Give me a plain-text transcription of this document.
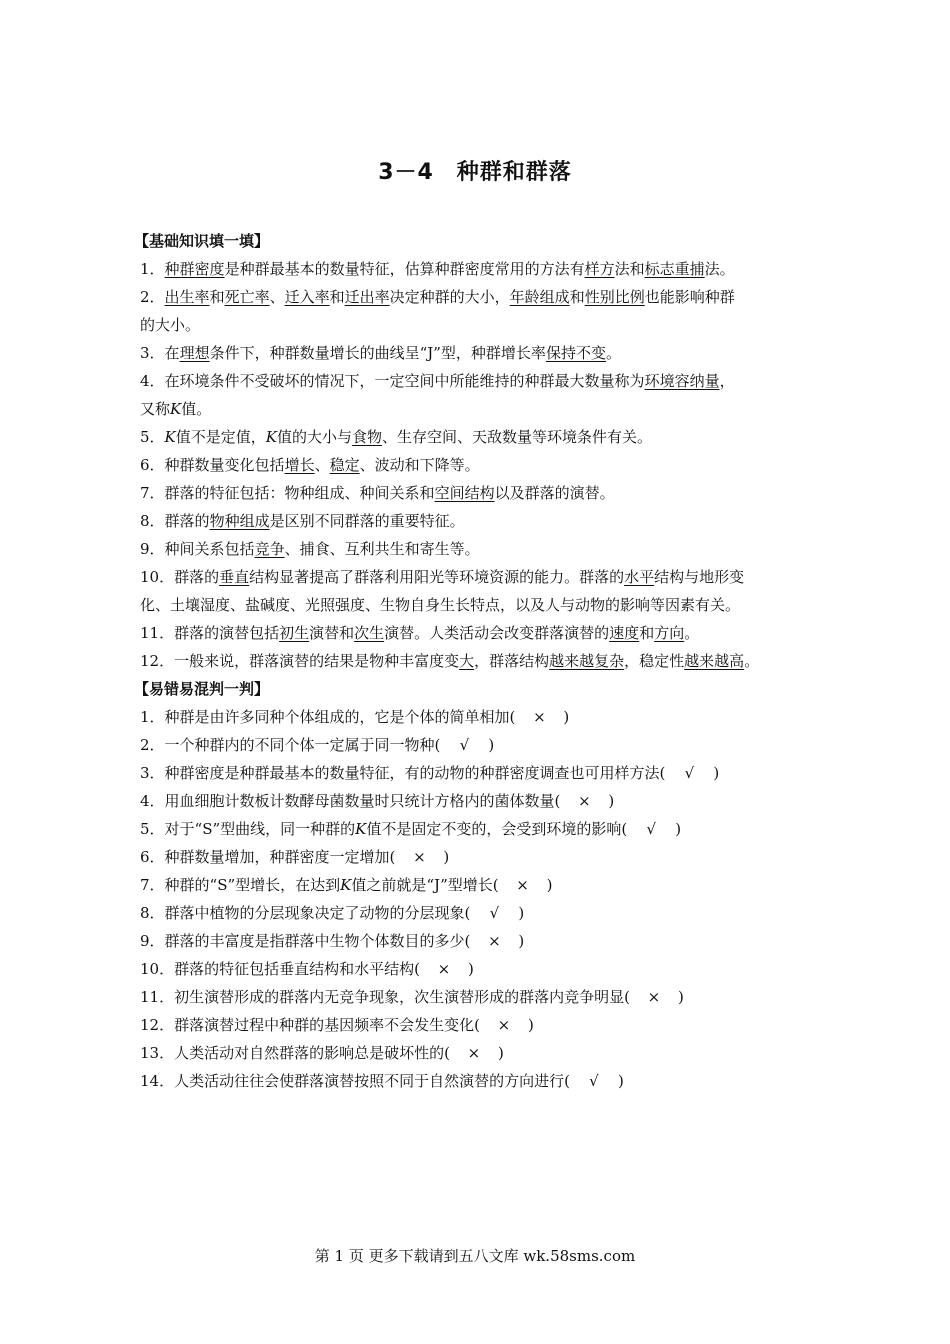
3－4　种群和群落
【基础知识填一填】
1．种群密度是种群最基本的数量特征，估算种群密度常用的方法有样方法和标志重捕法。
2．出生率和死亡率、迁入率和迁出率决定种群的大小，年龄组成和性别比例也能影响种群
的大小。
3．在理想条件下，种群数量增长的曲线呈“J”型，种群增长率保持不变。
4．在环境条件不受破坏的情况下，一定空间中所能维持的种群最大数量称为环境容纳量，
又称K值。
5．K值不是定值，K值的大小与食物、生存空间、天敌数量等环境条件有关。
6．种群数量变化包括增长、稳定、波动和下降等。
7．群落的特征包括：物种组成、种间关系和空间结构以及群落的演替。
8．群落的物种组成是区别不同群落的重要特征。
9．种间关系包括竞争、捕食、互利共生和寄生等。
10．群落的垂直结构显著提高了群落利用阳光等环境资源的能力。群落的水平结构与地形变
化、土壤湿度、盐碱度、光照强度、生物自身生长特点，以及人与动物的影响等因素有关。
11．群落的演替包括初生演替和次生演替。人类活动会改变群落演替的速度和方向。
12．一般来说，群落演替的结果是物种丰富度变大，群落结构越来越复杂，稳定性越来越高。
【易错易混判一判】
1．种群是由许多同种个体组成的，它是个体的简单相加(  ×  )
2．一个种群内的不同个体一定属于同一物种(  √  )
3．种群密度是种群最基本的数量特征，有的动物的种群密度调查也可用样方法(  √  )
4．用血细胞计数板计数酵母菌数量时只统计方格内的菌体数量(  ×  )
5．对于“S”型曲线，同一种群的K值不是固定不变的，会受到环境的影响(  √  )
6．种群数量增加，种群密度一定增加(  ×  )
7．种群的“S”型增长，在达到K值之前就是“J”型增长(  ×  )
8．群落中植物的分层现象决定了动物的分层现象(  √  )
9．群落的丰富度是指群落中生物个体数目的多少(  ×  )
10．群落的特征包括垂直结构和水平结构(  ×  )
11．初生演替形成的群落内无竞争现象，次生演替形成的群落内竞争明显(  ×  )
12．群落演替过程中种群的基因频率不会发生变化(  ×  )
13．人类活动对自然群落的影响总是破坏性的(  ×  )
14．人类活动往往会使群落演替按照不同于自然演替的方向进行(  √  )
第 1 页 更多下载请到五八文库 wk.58sms.com
